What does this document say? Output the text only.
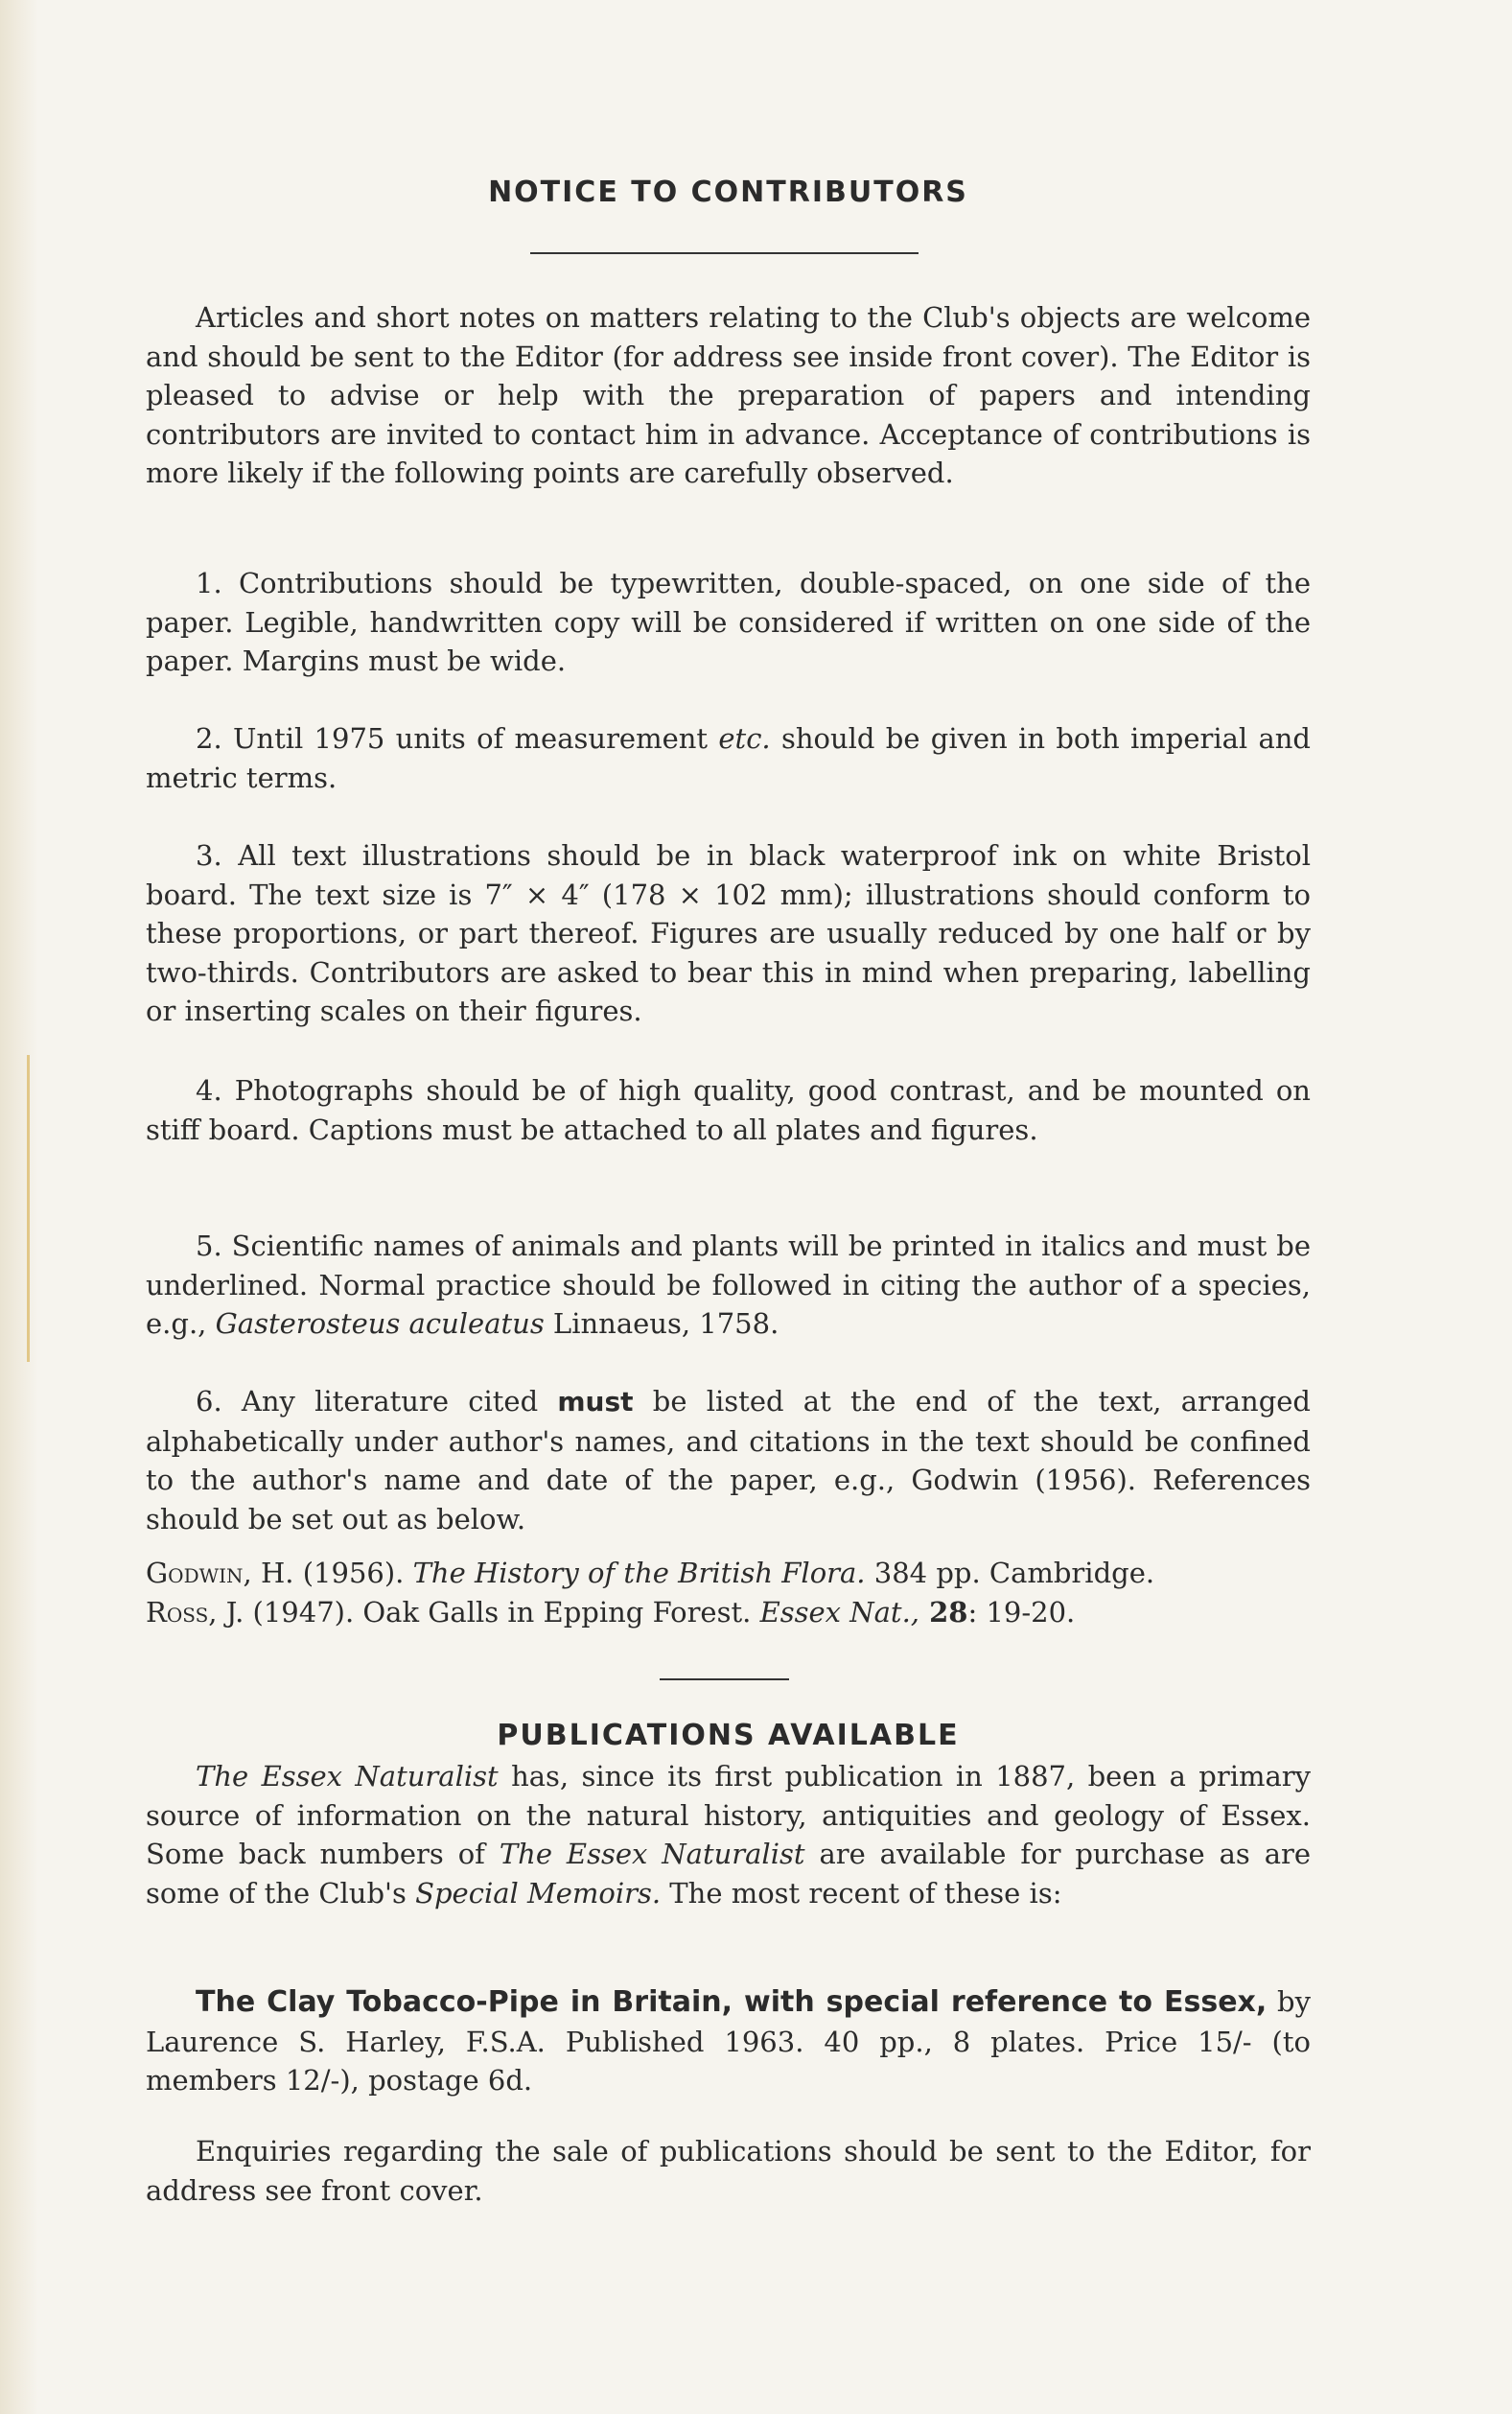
NOTICE TO CONTRIBUTORS

Articles and short notes on matters relating to the Club's objects are welcome and should be sent to the Editor (for address see inside front cover). The Editor is pleased to advise or help with the preparation of papers and intending contributors are invited to contact him in advance. Acceptance of contributions is more likely if the following points are carefully observed.

1. Contributions should be typewritten, double-spaced, on one side of the paper. Legible, handwritten copy will be considered if written on one side of the paper. Margins must be wide.

2. Until 1975 units of measurement etc. should be given in both imperial and metric terms.

3. All text illustrations should be in black waterproof ink on white Bristol board. The text size is 7″ × 4″ (178 × 102 mm); illustrations should conform to these proportions, or part thereof. Figures are usually reduced by one half or by two-thirds. Contributors are asked to bear this in mind when preparing, labelling or inserting scales on their figures.

4. Photographs should be of high quality, good contrast, and be mounted on stiff board. Captions must be attached to all plates and figures.

5. Scientific names of animals and plants will be printed in italics and must be underlined. Normal practice should be followed in citing the author of a species, e.g., Gasterosteus aculeatus Linnaeus, 1758.

6. Any literature cited must be listed at the end of the text, arranged alphabetically under author's names, and citations in the text should be confined to the author's name and date of the paper, e.g., Godwin (1956). References should be set out as below.

Godwin, H. (1956). The History of the British Flora. 384 pp. Cambridge.

Ross, J. (1947). Oak Galls in Epping Forest. Essex Nat., 28: 19-20.

PUBLICATIONS AVAILABLE

The Essex Naturalist has, since its first publication in 1887, been a primary source of information on the natural history, antiquities and geology of Essex. Some back numbers of The Essex Naturalist are available for purchase as are some of the Club's Special Memoirs. The most recent of these is:

The Clay Tobacco-Pipe in Britain, with special reference to Essex, by Laurence S. Harley, F.S.A. Published 1963. 40 pp., 8 plates. Price 15/- (to members 12/-), postage 6d.

Enquiries regarding the sale of publications should be sent to the Editor, for address see front cover.
